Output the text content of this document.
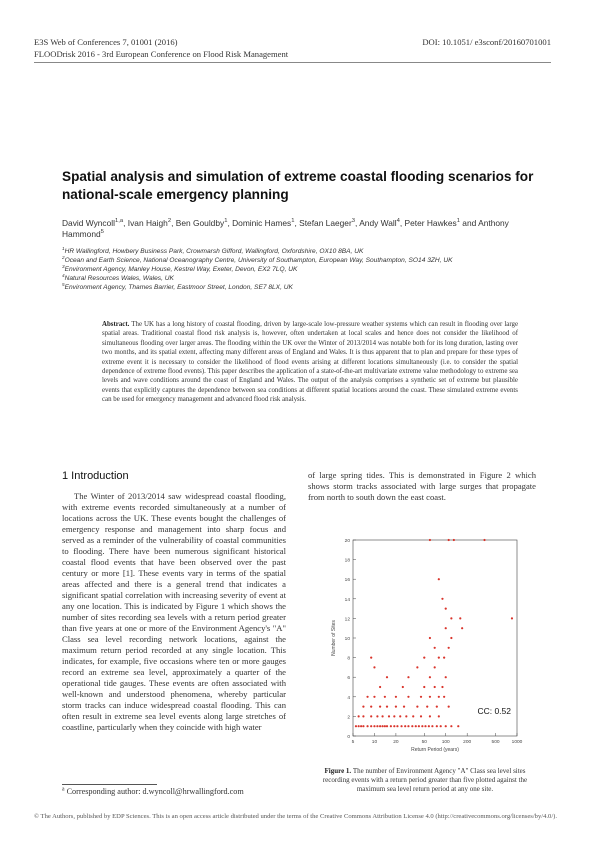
E3S Web of Conferences 7, 01001 (2016)
FLOODrisk 2016 - 3rd European Conference on Flood Risk Management
DOI: 10.1051/ e3sconf/20160701001
Spatial analysis and simulation of extreme coastal flooding scenarios for national-scale emergency planning
David Wyncoll$^{1,a}$, Ivan Haigh$^2$, Ben Gouldby$^1$, Dominic Hames$^1$, Stefan Laeger$^3$, Andy Wall$^4$, Peter Hawkes$^1$ and Anthony Hammond$^5$
$^1$HR Wallingford, Howbery Business Park, Crowmarsh Gifford, Wallingford, Oxfordshire, OX10 8BA, UK
$^2$Ocean and Earth Science, National Oceanography Centre, University of Southampton, European Way, Southampton, SO14 3ZH, UK
$^3$Environment Agency, Manley House, Kestrel Way, Exeter, Devon, EX2 7LQ, UK
$^4$Natural Resources Wales, Wales, UK
$^5$Environment Agency, Thames Barrier, Eastmoor Street, London, SE7 8LX, UK
Abstract. The UK has a long history of coastal flooding, driven by large-scale low-pressure weather systems which can result in flooding over large spatial areas. Traditional coastal flood risk analysis is, however, often undertaken at local scales and hence does not consider the likelihood of simultaneous flooding over larger areas. The flooding within the UK over the Winter of 2013/2014 was notable both for its long duration, lasting over two months, and its spatial extent, affecting many different areas of England and Wales. It is thus apparent that to plan and prepare for these types of extreme event it is necessary to consider the likelihood of flood events arising at different locations simultaneously (i.e. to consider the spatial dependence of extreme flood events). This paper describes the application of a state-of-the-art multivariate extreme value methodology to extreme sea levels and wave conditions around the coast of England and Wales. The output of the analysis comprises a synthetic set of extreme but plausible events that explicitly captures the dependence between sea conditions at different spatial locations around the coast. These simulated extreme events can be used for emergency management and advanced flood risk analysis.
1 Introduction

The Winter of 2013/2014 saw widespread coastal flooding, with extreme events recorded simultaneously at a number of locations across the UK. These events bought the challenges of emergency response and management into sharp focus and served as a reminder of the vulnerability of coastal communities to flooding. There have been numerous significant historical coastal flood events that have been observed over the past century or more [1]. These events vary in terms of the spatial areas affected and there is a general trend that indicates a significant spatial correlation with increasing severity of event at any one location. This is indicated by Figure 1 which shows the number of sites recording sea levels with a return period greater than five years at one or more of the Environment Agency's "A" Class sea level recording network locations, against the maximum return period recorded at any single location. This indicates, for example, five occasions where ten or more gauges record an extreme sea level, approximately a quarter of the operational tide gauges. These events are often associated with well-known and understood phenomena, whereby particular storm tracks can induce widespread coastal flooding. This can often result in extreme sea level events along large stretches of coastline, particularly when they coincide with high water

of large spring tides. This is demonstrated in Figure 2 which shows storm tracks associated with large surges that propagate from north to south down the east coast.
0
2
4
6
8
10
12
14
16
18
20
5	10	20	50	100	200	500	1000
Return Period (years)
Number of Sites
CC: 0.52
Figure 1. The number of Environment Agency "A" Class sea level sites recording events with a return period greater than five plotted against the maximum sea level return period at any one site.
$^a$ Corresponding author: d.wyncoll@hrwallingford.com
© The Authors, published by EDP Sciences. This is an open access article distributed under the terms of the Creative Commons Attribution License 4.0 (http://creativecommons.org/licenses/by/4.0/).
